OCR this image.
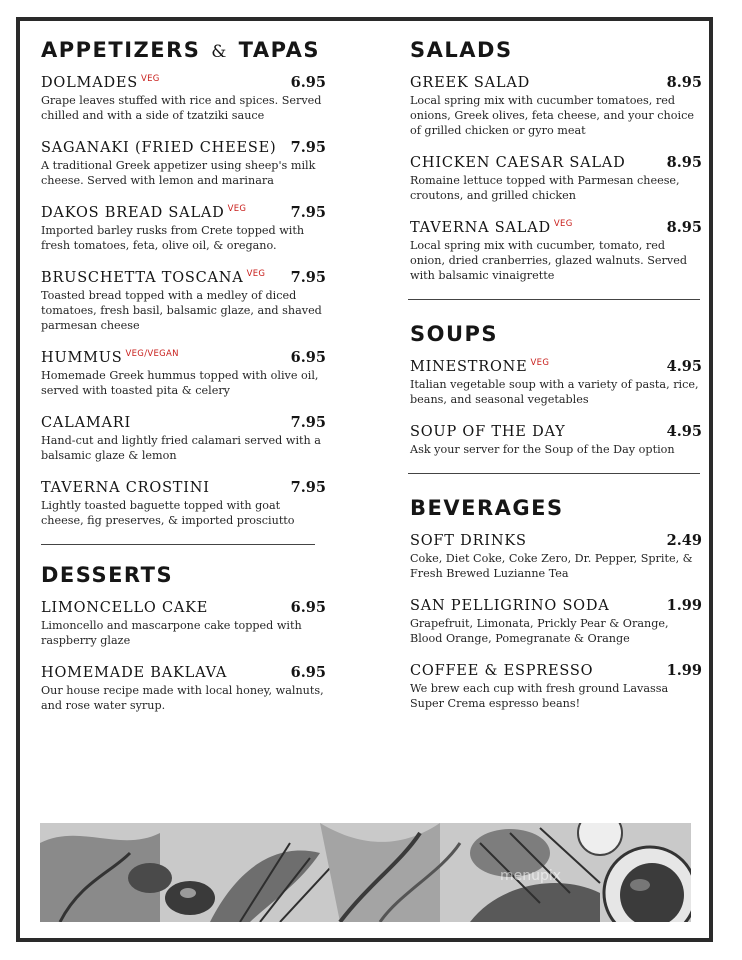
APPETIZERS & TAPAS
DOLMADES $^{VEG}$	6.95
Grape leaves stuffed with rice and spices. Served chilled and with a side of tzatziki sauce
SAGANAKI (FRIED CHEESE) 7.95
A traditional Greek appetizer using sheep's milk cheese. Served with lemon and marinara
DAKOS BREAD SALAD $^{VEG}$	7.95
Imported barley rusks from Crete topped with fresh tomatoes, feta, olive oil, & oregano.
BRUSCHETTA TOSCANA $^{VEG}$ 7.95
Toasted bread topped with a medley of diced tomatoes, fresh basil, balsamic glaze, and shaved parmesan cheese
HUMMUS $^{VEG/VEGAN}$	6.95
Homemade Greek hummus topped with olive oil, served with toasted pita & celery
CALAMARI	7.95
Hand-cut and lightly fried calamari served with a balsamic glaze & lemon
TAVERNA CROSTINI	7.95
Lightly toasted baguette topped with goat cheese, fig preserves, & imported prosciutto
DESSERTS
LIMONCELLO CAKE	6.95
Limoncello and mascarpone cake topped with raspberry glaze
HOMEMADE BAKLAVA	6.95
Our house recipe made with local honey, walnuts, and rose water syrup.
SALADS
GREEK SALAD	8.95
Local spring mix with cucumber tomatoes, red onions, Greek olives, feta cheese, and your choice of grilled chicken or gyro meat
CHICKEN CAESAR SALAD	8.95
Romaine lettuce topped with Parmesan cheese, croutons, and grilled chicken
TAVERNA SALAD $^{VEG}$	8.95
Local spring mix with cucumber, tomato, red onion, dried cranberries, glazed walnuts. Served with balsamic vinaigrette
SOUPS
MINESTRONE $^{VEG}$	4.95
Italian vegetable soup with a variety of pasta, rice, beans, and seasonal vegetables
SOUP OF THE DAY	4.95
Ask your server for the Soup of the Day option
BEVERAGES
SOFT DRINKS	2.49
Coke, Diet Coke, Coke Zero, Dr. Pepper, Sprite, & Fresh Brewed Luzianne Tea
SAN PELLIGRINO SODA	1.99
Grapefruit, Limonata, Prickly Pear & Orange, Blood Orange, Pomegranate & Orange
COFFEE & ESPRESSO	1.99
We brew each cup with fresh ground Lavassa Super Crema espresso beans!
menupix
